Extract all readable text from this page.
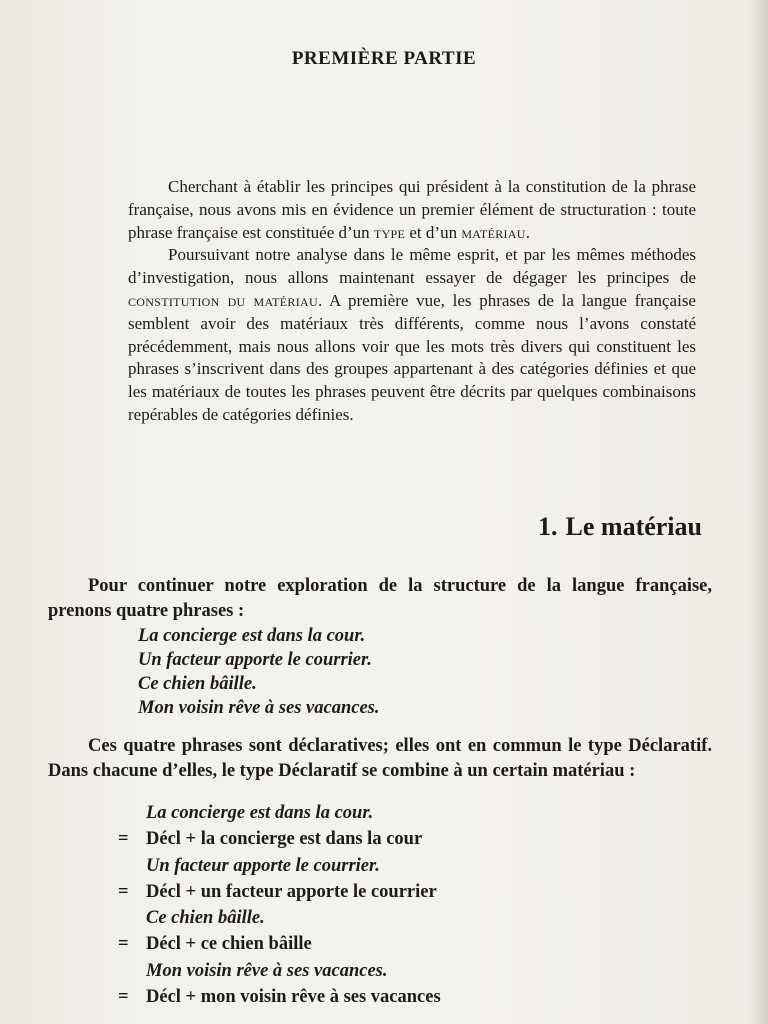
PREMIÈRE PARTIE

Cherchant à établir les principes qui président à la constitution de la phrase française, nous avons mis en évidence un premier élément de structuration : toute phrase française est constituée d’un type et d’un matériau.

Poursuivant notre analyse dans le même esprit, et par les mêmes méthodes d’investigation, nous allons maintenant essayer de dégager les principes de constitution du matériau. A première vue, les phrases de la langue française semblent avoir des matériaux très différents, comme nous l’avons constaté précédemment, mais nous allons voir que les mots très divers qui constituent les phrases s’inscrivent dans des groupes appartenant à des catégories définies et que les matériaux de toutes les phrases peuvent être décrits par quelques combinaisons repérables de catégories définies.

1. Le matériau
Pour continuer notre exploration de la structure de la langue française, prenons quatre phrases :
La concierge est dans la cour.
Un facteur apporte le courrier.
Ce chien bâille.
Mon voisin rêve à ses vacances.
Ces quatre phrases sont déclaratives; elles ont en commun le type Déclaratif. Dans chacune d’elles, le type Déclaratif se combine à un certain matériau :
La concierge est dans la cour.
= Décl + la concierge est dans la cour
Un facteur apporte le courrier.
= Décl + un facteur apporte le courrier
Ce chien bâille.
= Décl + ce chien bâille
Mon voisin rêve à ses vacances.
= Décl + mon voisin rêve à ses vacances
